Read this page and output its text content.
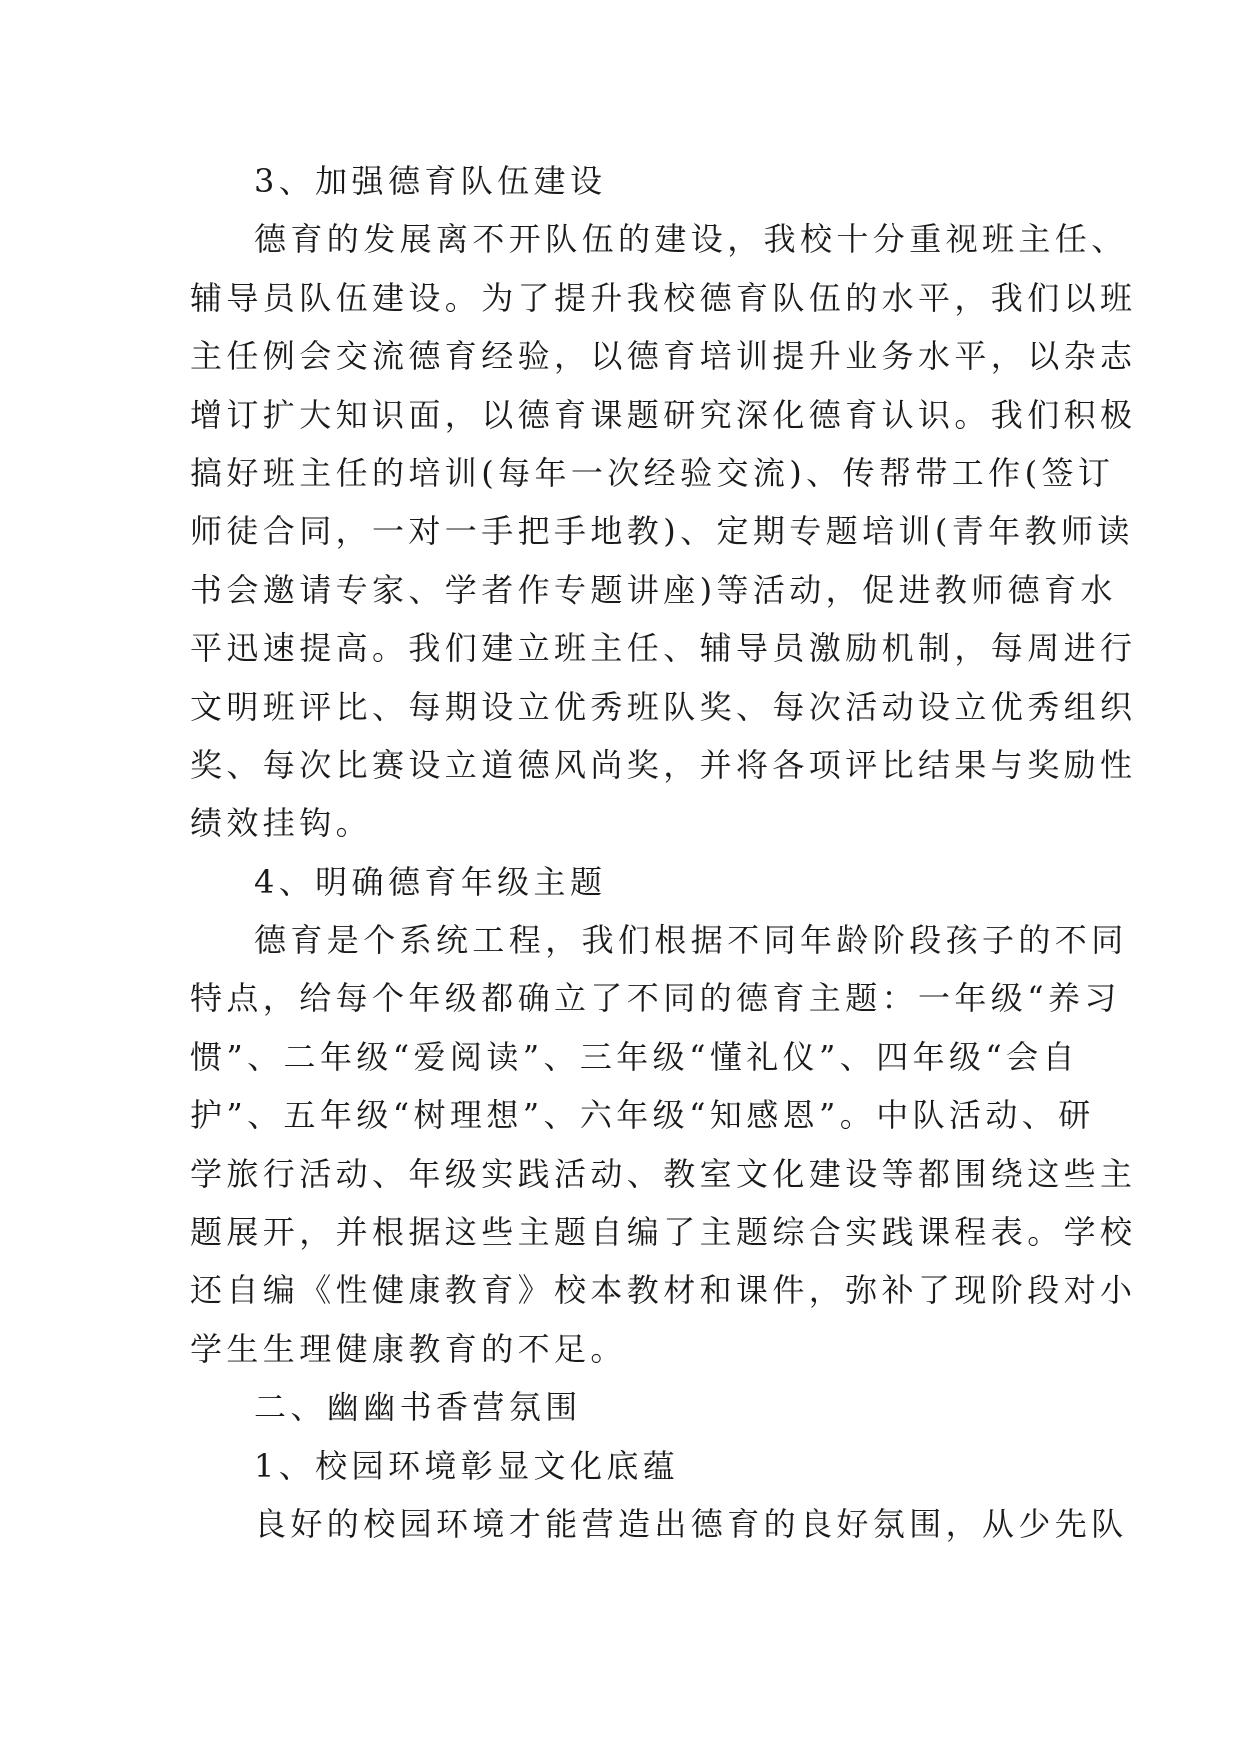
3、加强德育队伍建设
德育的发展离不开队伍的建设，我校十分重视班主任、
辅导员队伍建设。为了提升我校德育队伍的水平，我们以班
主任例会交流德育经验，以德育培训提升业务水平，以杂志
增订扩大知识面，以德育课题研究深化德育认识。我们积极
搞好班主任的培训(每年一次经验交流)、传帮带工作(签订
师徒合同，一对一手把手地教)、定期专题培训(青年教师读
书会邀请专家、学者作专题讲座)等活动，促进教师德育水
平迅速提高。我们建立班主任、辅导员激励机制，每周进行
文明班评比、每期设立优秀班队奖、每次活动设立优秀组织
奖、每次比赛设立道德风尚奖，并将各项评比结果与奖励性
绩效挂钩。
4、明确德育年级主题
德育是个系统工程，我们根据不同年龄阶段孩子的不同
特点，给每个年级都确立了不同的德育主题：一年级“养习
惯”、二年级“爱阅读”、三年级“懂礼仪”、四年级“会自
护”、五年级“树理想”、六年级“知感恩”。中队活动、研
学旅行活动、年级实践活动、教室文化建设等都围绕这些主
题展开，并根据这些主题自编了主题综合实践课程表。学校
还自编《性健康教育》校本教材和课件，弥补了现阶段对小
学生生理健康教育的不足。
二、幽幽书香营氛围
1、校园环境彰显文化底蕴
良好的校园环境才能营造出德育的良好氛围，从少先队
